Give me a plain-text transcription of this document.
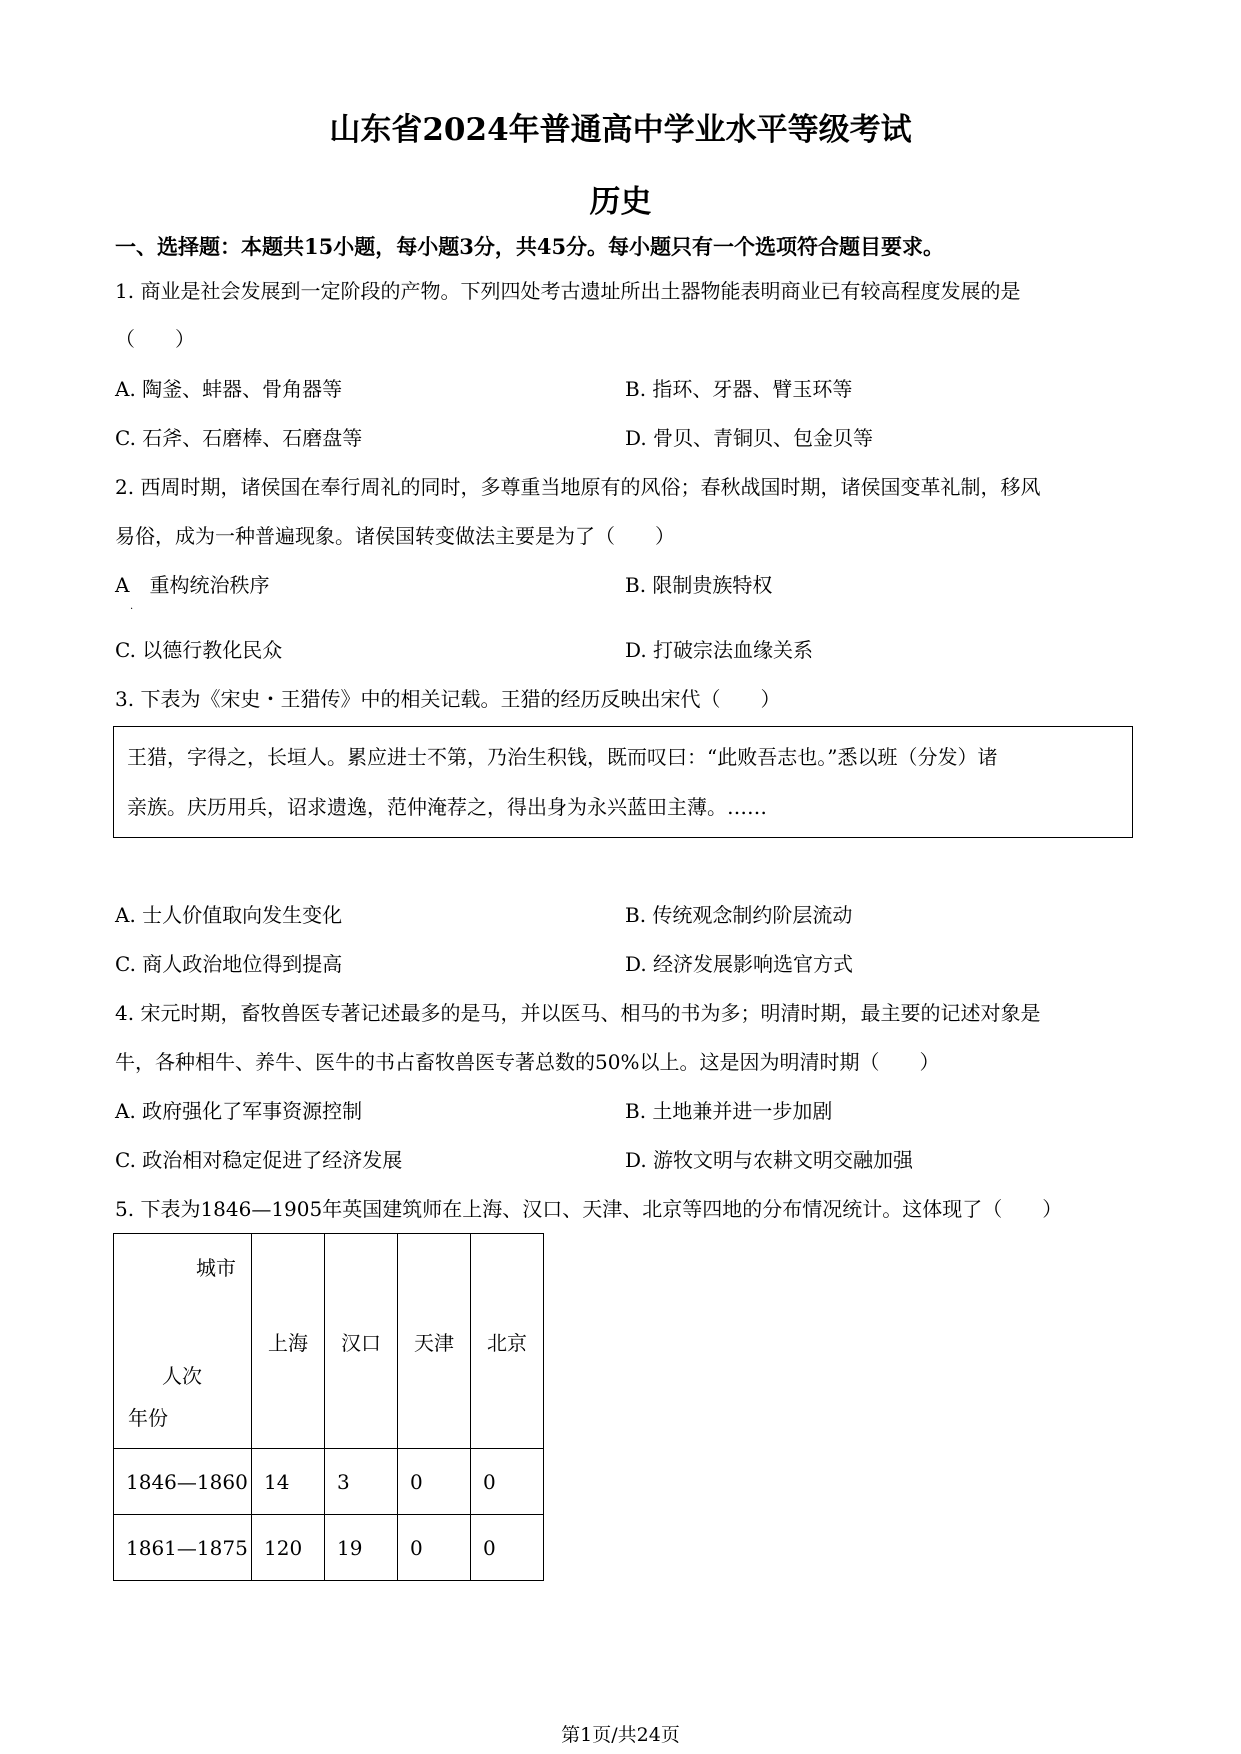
山东省2024年普通高中学业水平等级考试
历史
一、选择题：本题共15小题，每小题3分，共45分。每小题只有一个选项符合题目要求。
1. 商业是社会发展到一定阶段的产物。下列四处考古遗址所出土器物能表明商业已有较高程度发展的是
（　　）
A. 陶釜、蚌器、骨角器等	B. 指环、牙器、臂玉环等
C. 石斧、石磨棒、石磨盘等	D. 骨贝、青铜贝、包金贝等
2. 西周时期，诸侯国在奉行周礼的同时，多尊重当地原有的风俗；春秋战国时期，诸侯国变革礼制，移风
易俗，成为一种普遍现象。诸侯国转变做法主要是为了（　　）
A　重构统治秩序	B. 限制贵族特权
.
C. 以德行教化民众	D. 打破宗法血缘关系
3. 下表为《宋史・王猎传》中的相关记载。王猎的经历反映出宋代（　　）
王猎，字得之，长垣人。累应进士不第，乃治生积钱，既而叹曰：“此败吾志也。”悉以班（分发）诸
亲族。庆历用兵，诏求遗逸，范仲淹荐之，得出身为永兴蓝田主薄。……
A. 士人价值取向发生变化	B. 传统观念制约阶层流动
C. 商人政治地位得到提高	D. 经济发展影响选官方式
4. 宋元时期，畜牧兽医专著记述最多的是马，并以医马、相马的书为多；明清时期，最主要的记述对象是
牛，各种相牛、养牛、医牛的书占畜牧兽医专著总数的50%以上。这是因为明清时期（　　）
A. 政府强化了军事资源控制	B. 土地兼并进一步加剧
C. 政治相对稳定促进了经济发展	D. 游牧文明与农耕文明交融加强
5. 下表为1846—1905年英国建筑师在上海、汉口、天津、北京等四地的分布情况统计。这体现了（　　）
城市
人次
年份	上海	汉口	天津	北京
1846—1860	14	3	0	0
1861—1875	120	19	0	0
第1页/共24页
